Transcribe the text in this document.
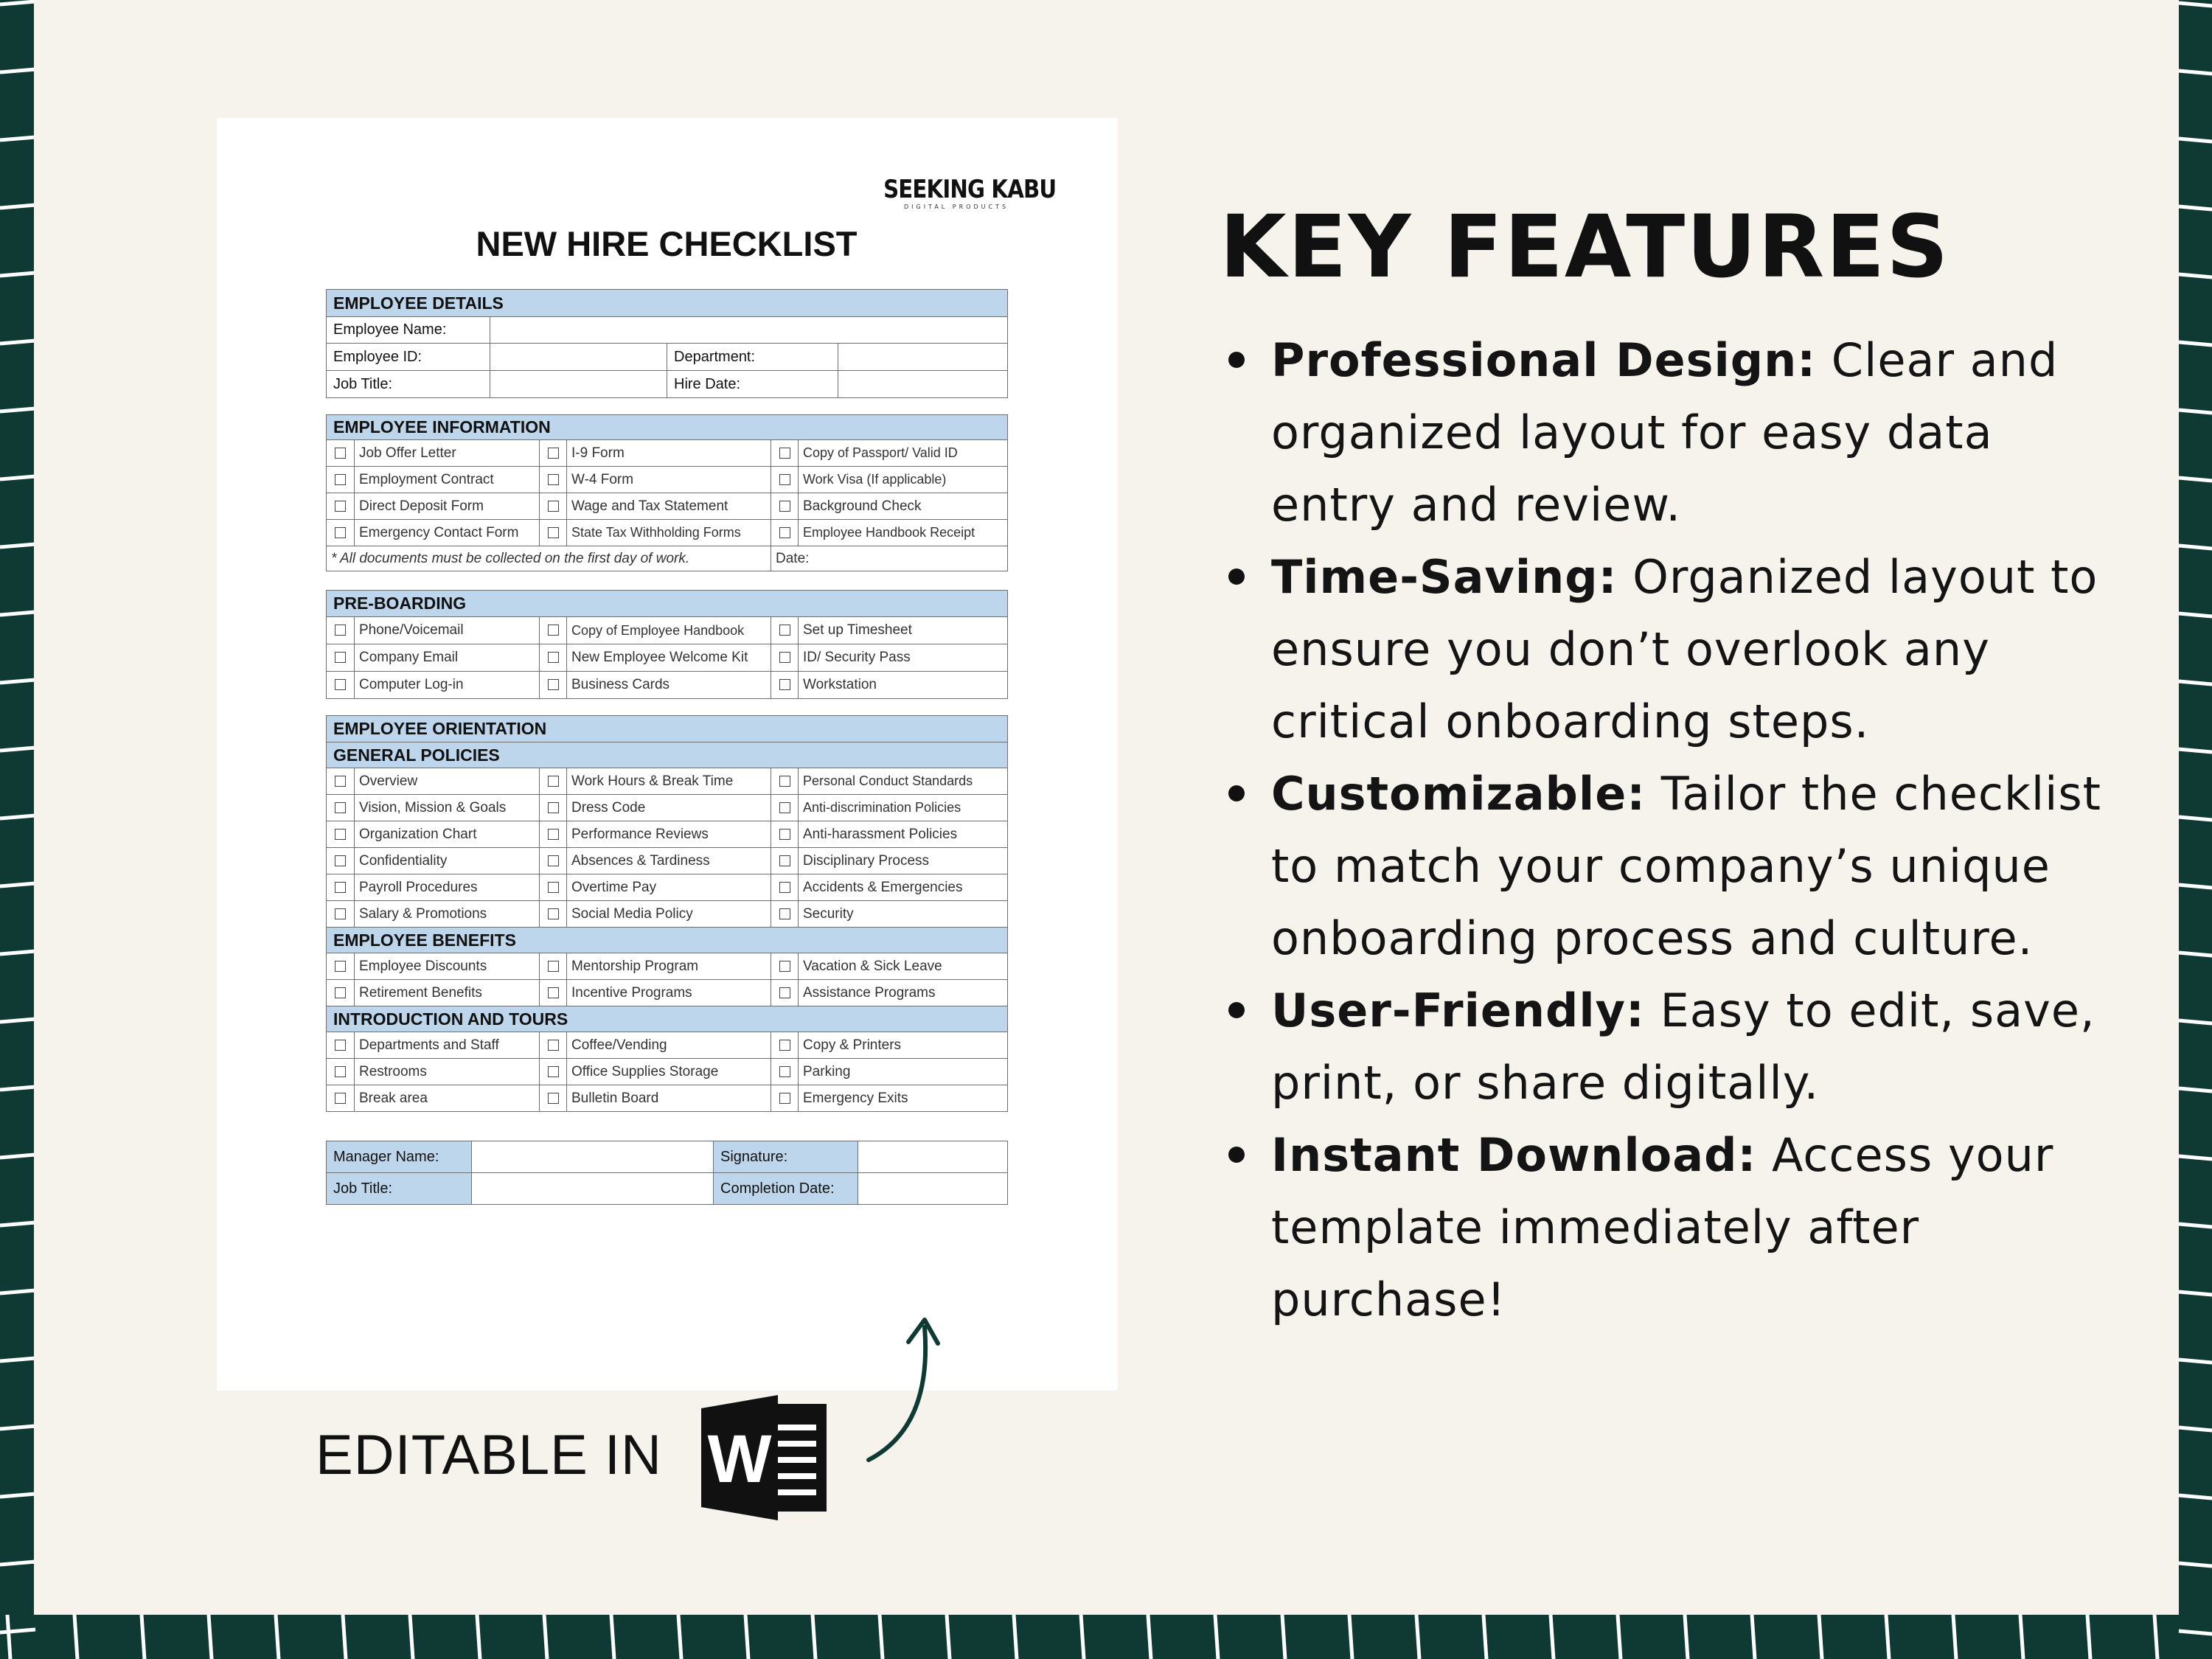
SEEKING KABU
DIGITAL PRODUCTS
NEW HIRE CHECKLIST
EMPLOYEE DETAILS			
Employee Name:			
Employee ID:		Department:	
Job Title:		Hire Date:	
EMPLOYEE INFORMATION					
	Job Offer Letter		I-9 Form		Copy of Passport/ Valid ID

	Employment Contract		W-4 Form		Work Visa (If applicable)

	Direct Deposit Form		Wage and Tax Statement		Background Check
	Emergency Contact Form		State Tax Withholding Forms		Employee Handbook Receipt

* All documents must be collected on the first day of work.				Date:	
PRE-BOARDING					
	Phone/Voicemail		Copy of Employee Handbook		Set up Timesheet
	Company Email		New Employee Welcome Kit		ID/ Security Pass
	Computer Log-in		Business Cards		Workstation
EMPLOYEE ORIENTATION					
GENERAL POLICIES					
	Overview		Work Hours & Break Time		Personal Conduct Standards

	Vision, Mission & Goals		Dress Code		Anti-discrimination Policies

	Organization Chart		Performance Reviews		Anti-harassment Policies
	Confidentiality		Absences & Tardiness		Disciplinary Process
	Payroll Procedures		Overtime Pay		Accidents & Emergencies
	Salary & Promotions		Social Media Policy		Security
EMPLOYEE BENEFITS					
	Employee Discounts		Mentorship Program		Vacation & Sick Leave
	Retirement Benefits		Incentive Programs		Assistance Programs
INTRODUCTION AND TOURS					
	Departments and Staff		Coffee/Vending		Copy & Printers
	Restrooms		Office Supplies Storage		Parking
	Break area		Bulletin Board		Emergency Exits
Manager Name:		Signature:	
Job Title:		Completion Date:	
EDITABLE IN W
KEY FEATURES
Professional Design: Clear and organized layout for easy data entry and review.
Time-Saving: Organized layout to ensure you don’t overlook any critical onboarding steps.
Customizable: Tailor the checklist to match your company’s unique onboarding process and culture.
User-Friendly: Easy to edit, save, print, or share digitally.
Instant Download: Access your template immediately after purchase!
